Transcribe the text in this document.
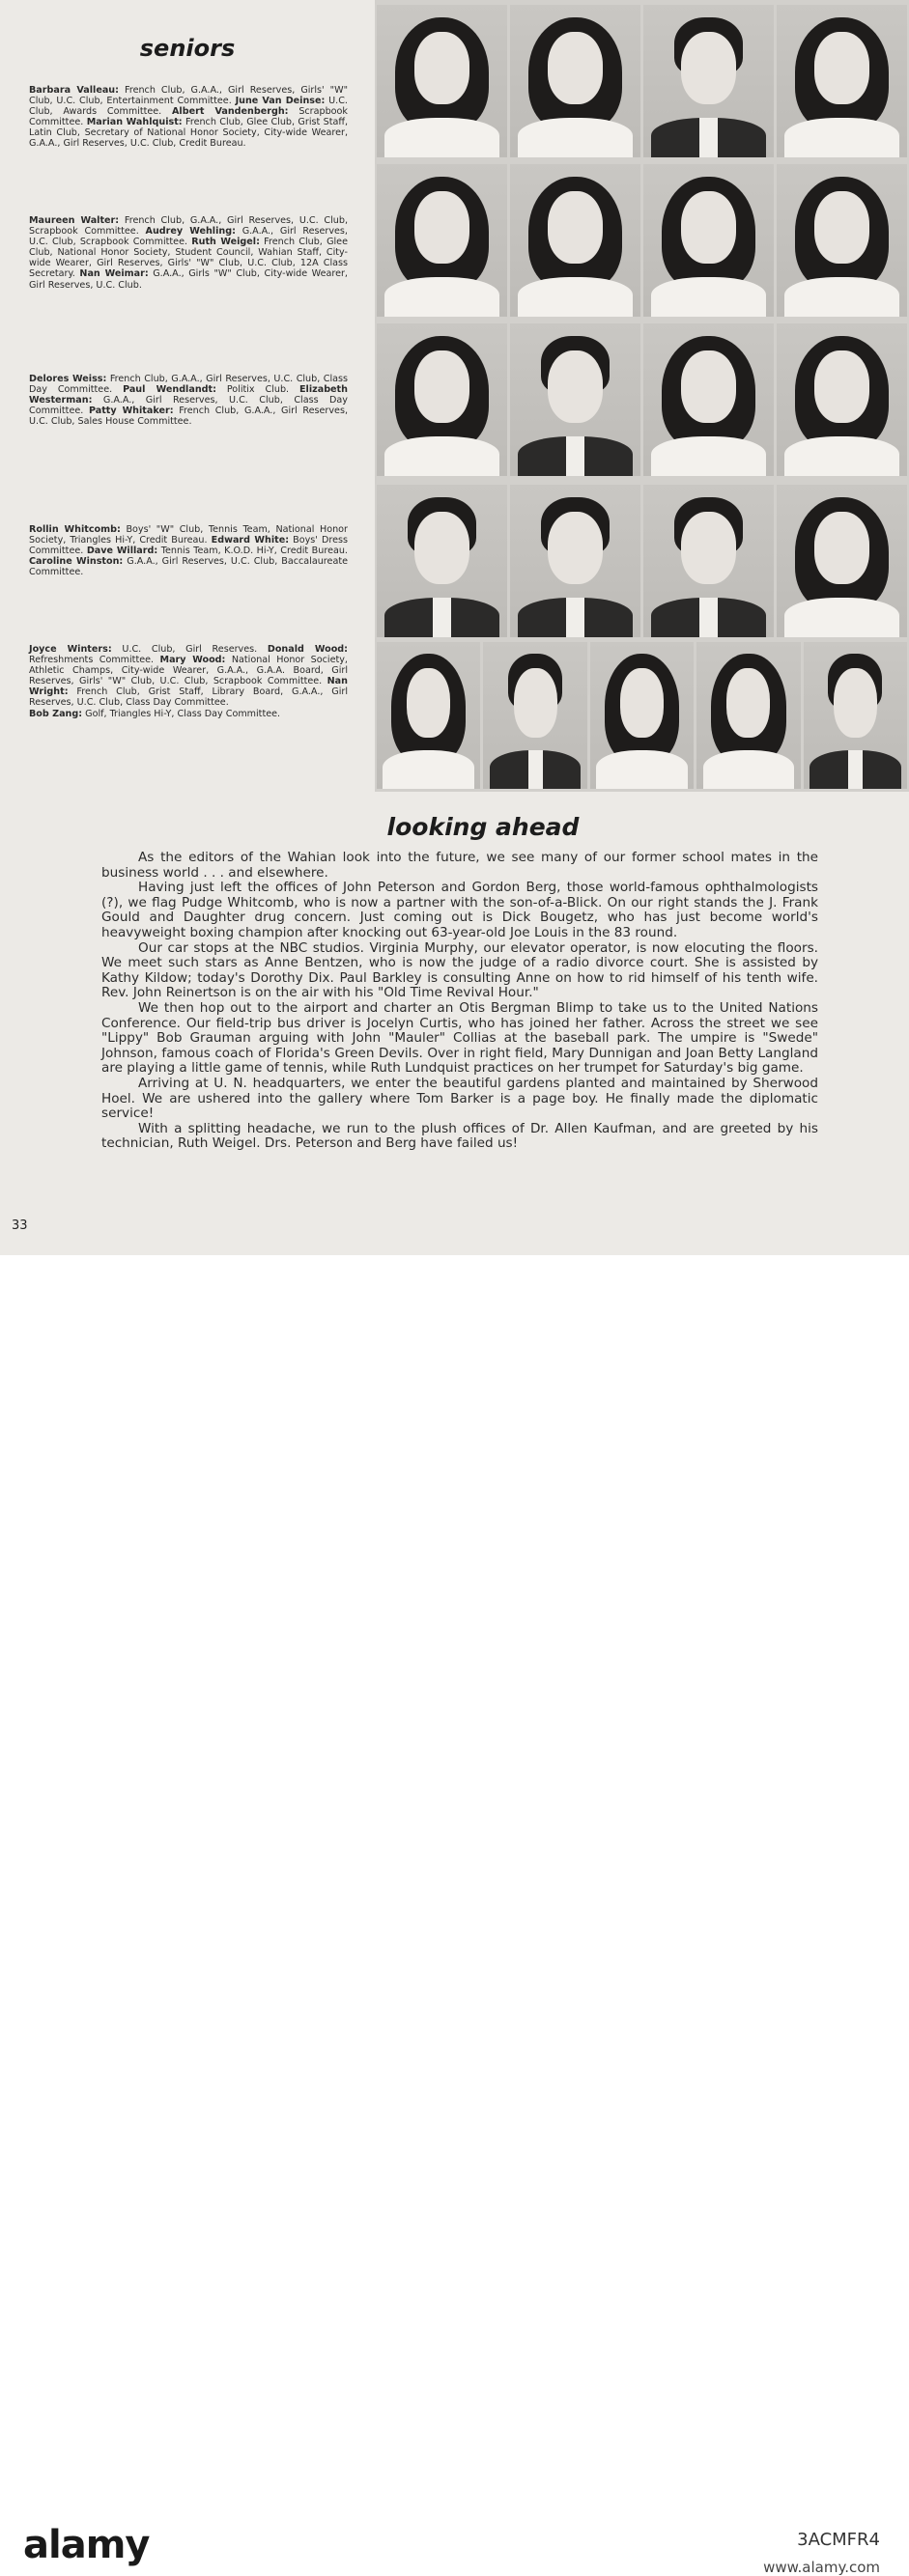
seniors
Barbara Valleau: French Club, G.A.A., Girl Reserves, Girls' "W" Club, U.C. Club, Entertainment Committee. June Van Deinse: U.C. Club, Awards Committee. Albert Vandenbergh: Scrapbook Committee. Marian Wahlquist: French Club, Glee Club, Grist Staff, Latin Club, Secretary of National Honor Society, City-wide Wearer, G.A.A., Girl Reserves, U.C. Club, Credit Bureau.
Maureen Walter: French Club, G.A.A., Girl Reserves, U.C. Club, Scrapbook Committee. Audrey Wehling: G.A.A., Girl Reserves, U.C. Club, Scrapbook Committee. Ruth Weigel: French Club, Glee Club, National Honor Society, Student Council, Wahian Staff, City-wide Wearer, Girl Reserves, Girls' "W" Club, U.C. Club, 12A Class Secretary. Nan Weimar: G.A.A., Girls "W" Club, City-wide Wearer, Girl Reserves, U.C. Club.
Delores Weiss: French Club, G.A.A., Girl Reserves, U.C. Club, Class Day Committee. Paul Wendlandt: Politix Club. Elizabeth Westerman: G.A.A., Girl Reserves, U.C. Club, Class Day Committee. Patty Whitaker: French Club, G.A.A., Girl Reserves, U.C. Club, Sales House Committee.
Rollin Whitcomb: Boys' "W" Club, Tennis Team, National Honor Society, Triangles Hi-Y, Credit Bureau. Edward White: Boys' Dress Committee. Dave Willard: Tennis Team, K.O.D. Hi-Y, Credit Bureau. Caroline Winston: G.A.A., Girl Reserves, U.C. Club, Baccalaureate Committee.
Joyce Winters: U.C. Club, Girl Reserves. Donald Wood: Refreshments Committee. Mary Wood: National Honor Society, Athletic Champs, City-wide Wearer, G.A.A., G.A.A. Board, Girl Reserves, Girls' "W" Club, U.C. Club, Scrapbook Committee. Nan Wright: French Club, Grist Staff, Library Board, G.A.A., Girl Reserves, U.C. Club, Class Day Committee.
Bob Zang: Golf, Triangles Hi-Y, Class Day Committee.
looking ahead

As the editors of the Wahian look into the future, we see many of our former school mates in the business world . . . and elsewhere.

Having just left the offices of John Peterson and Gordon Berg, those world-famous ophthalmologists (?), we flag Pudge Whitcomb, who is now a partner with the son-of-a-Blick. On our right stands the J. Frank Gould and Daughter drug concern. Just coming out is Dick Bougetz, who has just become world's heavyweight boxing champion after knocking out 63-year-old Joe Louis in the 83 round.

Our car stops at the NBC studios. Virginia Murphy, our elevator operator, is now elocuting the floors. We meet such stars as Anne Bentzen, who is now the judge of a radio divorce court. She is assisted by Kathy Kildow; today's Dorothy Dix. Paul Barkley is consulting Anne on how to rid himself of his tenth wife. Rev. John Reinertson is on the air with his "Old Time Revival Hour."

We then hop out to the airport and charter an Otis Bergman Blimp to take us to the United Nations Conference. Our field-trip bus driver is Jocelyn Curtis, who has joined her father. Across the street we see "Lippy" Bob Grauman arguing with John "Mauler" Collias at the baseball park. The umpire is "Swede" Johnson, famous coach of Florida's Green Devils. Over in right field, Mary Dunnigan and Joan Betty Langland are playing a little game of tennis, while Ruth Lundquist practices on her trumpet for Saturday's big game.

Arriving at U. N. headquarters, we enter the beautiful gardens planted and maintained by Sherwood Hoel. We are ushered into the gallery where Tom Barker is a page boy. He finally made the diplomatic service!

With a splitting headache, we run to the plush offices of Dr. Allen Kaufman, and are greeted by his technician, Ruth Weigel. Drs. Peterson and Berg have failed us!

33
alamy	3ACMFR4
www.alamy.com
